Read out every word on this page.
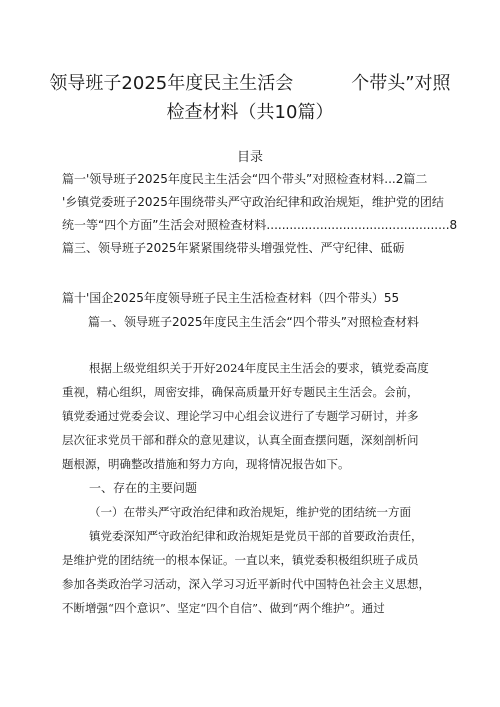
领导班子2025年度民主生活会	个带头”对照
检查材料（共10篇）
目录
篇一'领导班子2025年度民主生活会“四个带头”对照检查材料...2篇二
'乡镇党委班子2025年围绕带头严守政治纪律和政治规矩，维护党的团结
统一等“四个方面”生活会对照检查材料................................................8
篇三、领导班子2025年紧紧围绕带头增强党性、严守纪律、砥砺
篇十'国企2025年度领导班子民主生活检查材料（四个带头）55
篇一、领导班子2025年度民主生活会“四个带头”对照检查材料
根据上级党组织关于开好2024年度民主生活会的要求，镇党委高度
重视，精心组织，周密安排，确保高质量开好专题民主生活会。会前，
镇党委通过党委会议、理论学习中心组会议进行了专题学习研讨，并多
层次征求党员干部和群众的意见建议，认真全面查摆问题，深刻剖析问
题根源，明确整改措施和努力方向，现将情况报告如下。
一、存在的主要问题
（一）在带头严守政治纪律和政治规矩，维护党的团结统一方面
镇党委深知严守政治纪律和政治规矩是党员干部的首要政治责任，
是维护党的团结统一的根本保证。一直以来，镇党委积极组织班子成员
参加各类政治学习活动，深入学习习近平新时代中国特色社会主义思想，
不断增强“四个意识”、坚定“四个自信”、做到“两个维护”。通过
